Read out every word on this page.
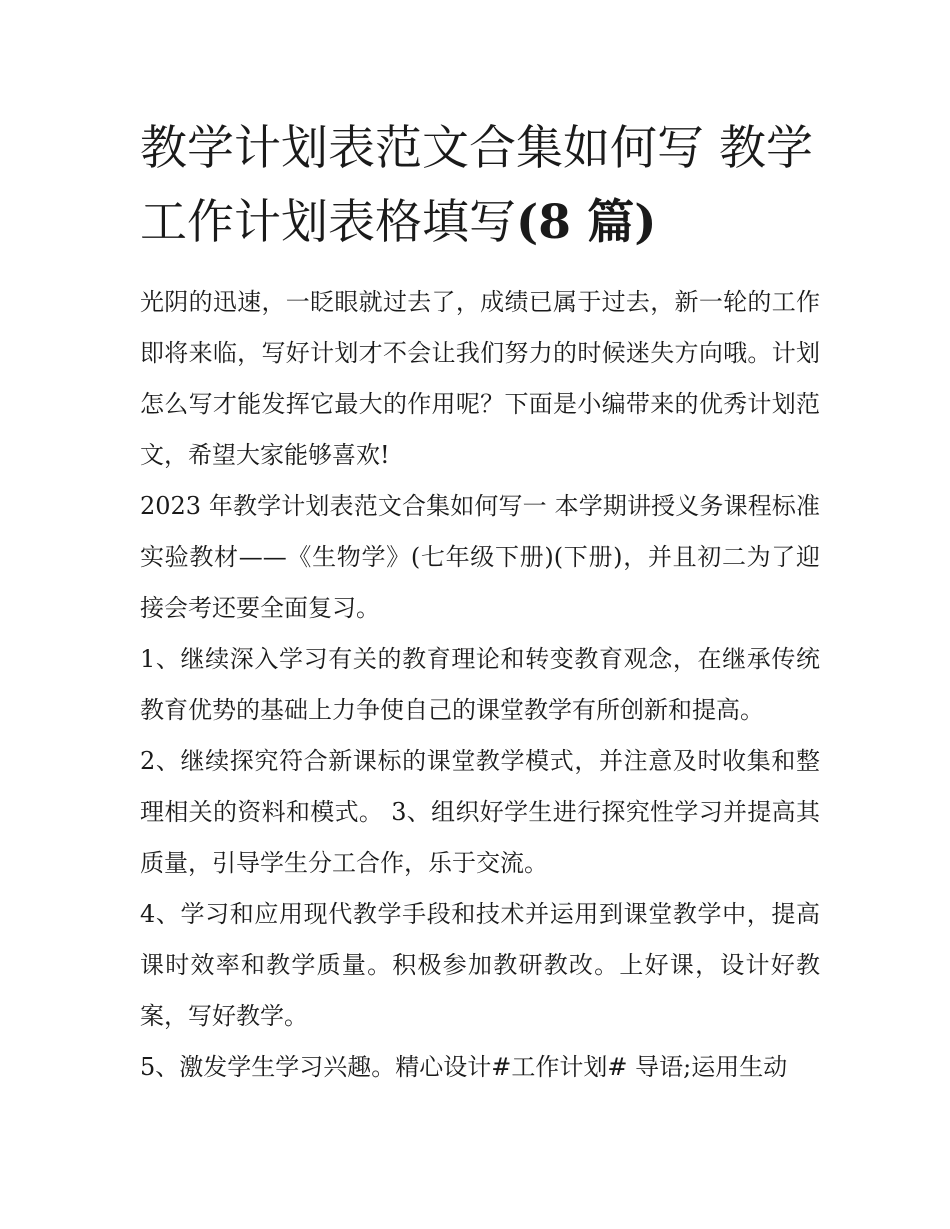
教学计划表范文合集如何写 教学工作计划表格填写(8 篇)

光阴的迅速，一眨眼就过去了，成绩已属于过去，新一轮的工作即将来临，写好计划才不会让我们努力的时候迷失方向哦。计划怎么写才能发挥它最大的作用呢？下面是小编带来的优秀计划范文，希望大家能够喜欢!

2023 年教学计划表范文合集如何写一 本学期讲授义务课程标准实验教材——《生物学》(七年级下册)(下册)，并且初二为了迎接会考还要全面复习。

1、继续深入学习有关的教育理论和转变教育观念，在继承传统教育优势的基础上力争使自己的课堂教学有所创新和提高。

2、继续探究符合新课标的课堂教学模式，并注意及时收集和整理相关的资料和模式。 3、组织好学生进行探究性学习并提高其质量，引导学生分工合作，乐于交流。

4、学习和应用现代教学手段和技术并运用到课堂教学中，提高课时效率和教学质量。积极参加教研教改。上好课，设计好教案，写好教学。

5、激发学生学习兴趣。精心设计#工作计划# 导语;运用生动
